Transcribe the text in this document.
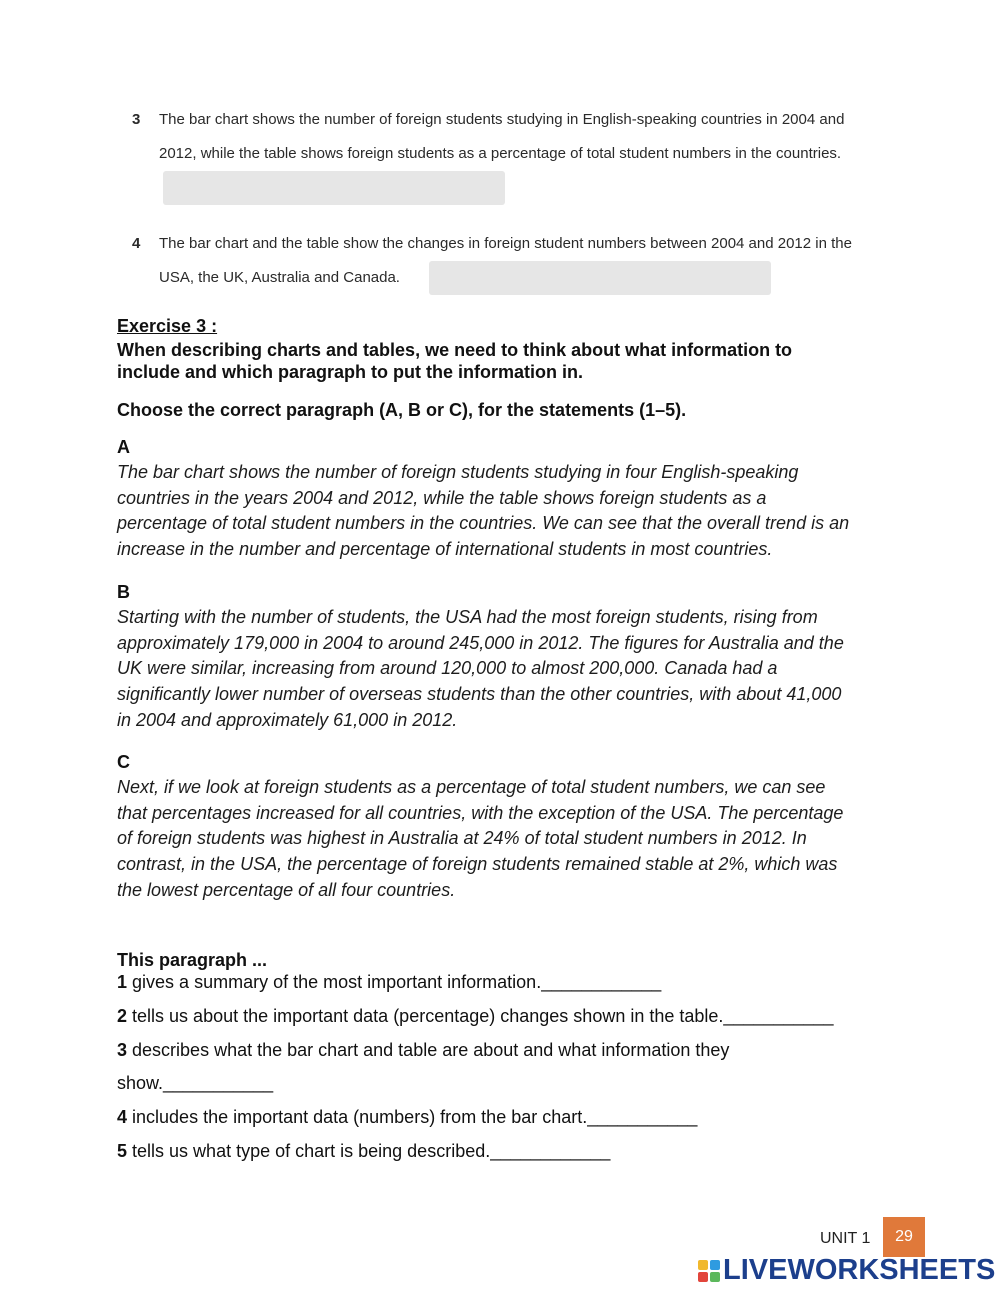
3 The bar chart shows the number of foreign students studying in English-speaking countries in 2004 and
2012, while the table shows foreign students as a percentage of total student numbers in the countries.
4 The bar chart and the table show the changes in foreign student numbers between 2004 and 2012 in the
USA, the UK, Australia and Canada.
Exercise 3 :
When describing charts and tables, we need to think about what information to
include and which paragraph to put the information in.
Choose the correct paragraph (A, B or C), for the statements (1–5).
A
The bar chart shows the number of foreign students studying in four English-speaking
countries in the years 2004 and 2012, while the table shows foreign students as a
percentage of total student numbers in the countries. We can see that the overall trend is an
increase in the number and percentage of international students in most countries.
B
Starting with the number of students, the USA had the most foreign students, rising from
approximately 179,000 in 2004 to around 245,000 in 2012. The figures for Australia and the
UK were similar, increasing from around 120,000 to almost 200,000. Canada had a
significantly lower number of overseas students than the other countries, with about 41,000
in 2004 and approximately 61,000 in 2012.
C
Next, if we look at foreign students as a percentage of total student numbers, we can see
that percentages increased for all countries, with the exception of the USA. The percentage
of foreign students was highest in Australia at 24% of total student numbers in 2012. In
contrast, in the USA, the percentage of foreign students remained stable at 2%, which was
the lowest percentage of all four countries.
This paragraph ...
1 gives a summary of the most important information.____________
2 tells us about the important data (percentage) changes shown in the table.___________
3 describes what the bar chart and table are about and what information they
show.___________
4 includes the important data (numbers) from the bar chart.___________
5 tells us what type of chart is being described.____________
UNIT 1	29
LIVEWORKSHEETS
